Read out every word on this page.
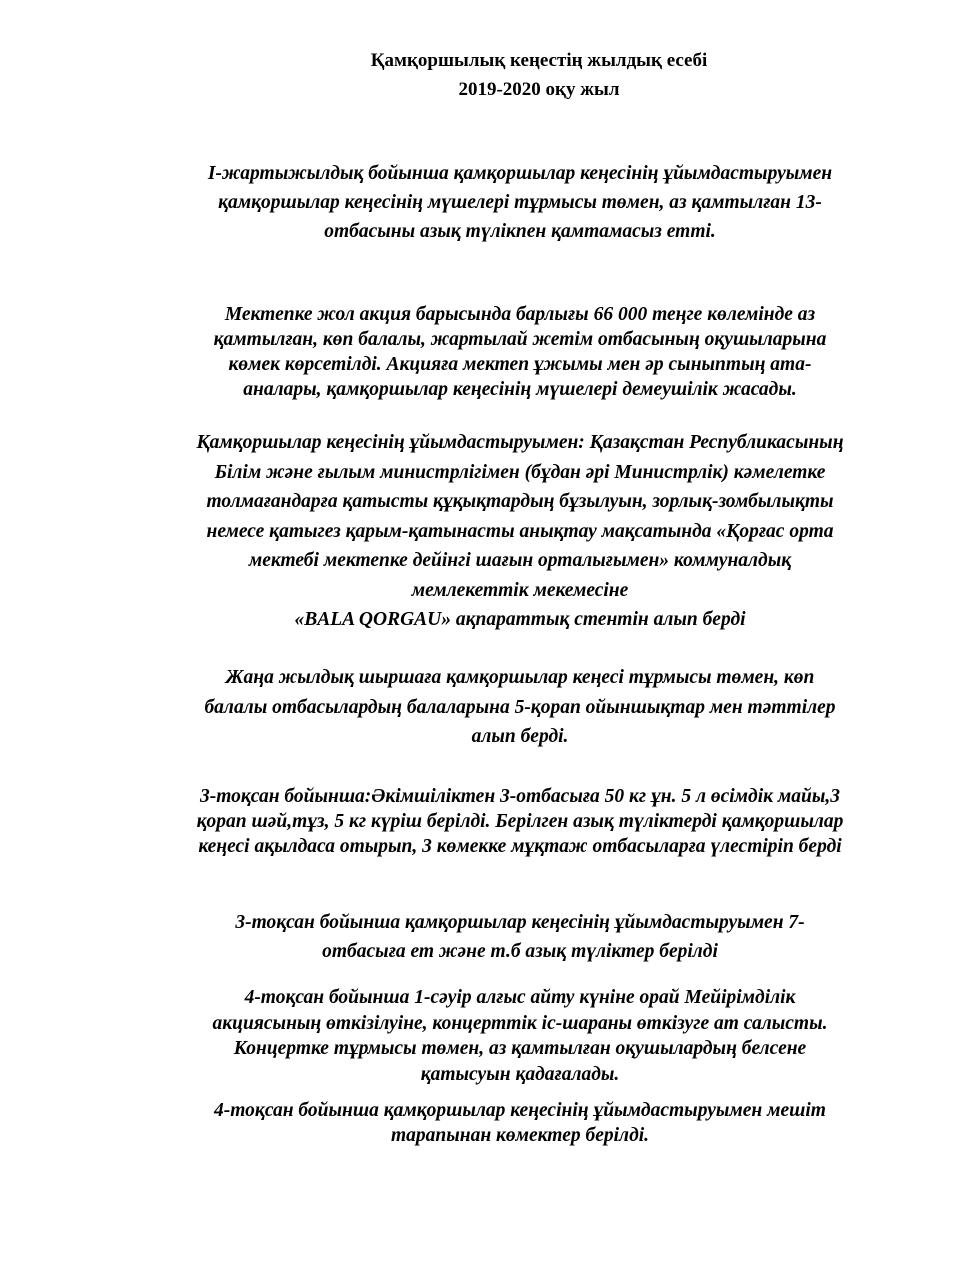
Қамқоршылық кеңестің жылдық есебі
2019-2020 оқу жыл
І-жартыжылдық бойынша қамқоршылар кеңесінің ұйымдастыруымен
қамқоршылар кеңесінің мүшелері тұрмысы төмен, аз қамтылған 13-
отбасыны азық түлікпен қамтамасыз етті.
Мектепке жол акция барысында барлығы 66 000 теңге көлемінде аз
қамтылған, көп балалы, жартылай жетім отбасының оқушыларына
көмек көрсетілді. Акцияға мектеп ұжымы мен әр сыныптың ата-
аналары, қамқоршылар кеңесінің мүшелері демеушілік жасады.
Қамқоршылар кеңесінің ұйымдастыруымен: Қазақстан Республикасының
Білім және ғылым министрлігімен (бұдан әрі Министрлік) кәмелетке
толмағандарға қатысты құқықтардың бұзылуын, зорлық-зомбылықты
немесе қатыгез қарым-қатынасты анықтау мақсатында «Қорғас орта
мектебі мектепке дейінгі шағын орталығымен» коммуналдық
мемлекеттік мекемесіне
«BALA QORGAU» ақпараттық стентін алып берді
Жаңа жылдық шыршаға қамқоршылар кеңесі тұрмысы төмен, көп
балалы отбасылардың балаларына 5-қорап ойыншықтар мен тәттілер
алып берді.
3-тоқсан бойынша:Әкімшіліктен 3-отбасыға 50 кг ұн. 5 л өсімдік майы,3
қорап шәй,тұз, 5 кг күріш берілді. Берілген азық түліктерді қамқоршылар
кеңесі ақылдаса отырып, 3 көмекке мұқтаж отбасыларға үлестіріп берді
3-тоқсан бойынша қамқоршылар кеңесінің ұйымдастыруымен 7-
отбасыға ет және т.б азық түліктер берілді
4-тоқсан бойынша 1-сәуір алғыс айту күніне орай Мейірімділік
акциясының өткізілуіне, концерттік іс-шараны өткізуге ат салысты.
Концертке тұрмысы төмен, аз қамтылған оқушылардың белсене
қатысуын қадағалады.
4-тоқсан бойынша қамқоршылар кеңесінің ұйымдастыруымен мешіт
тарапынан көмектер берілді.
